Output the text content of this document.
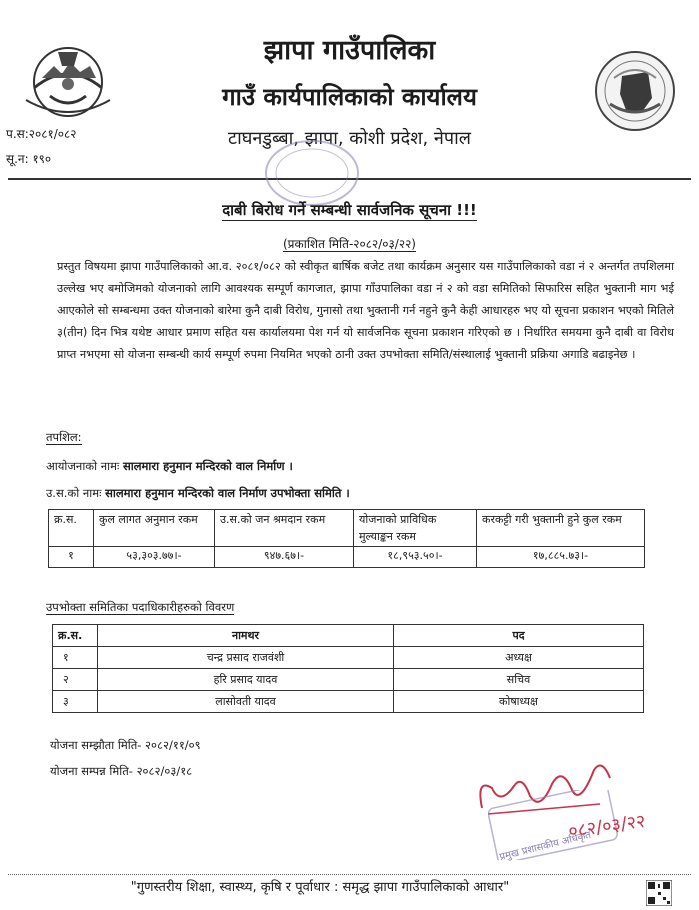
झापा गाउँपालिका
गाउँ कार्यपालिकाको कार्यालय
टाघनडुब्बा, झापा, कोशी प्रदेश, नेपाल
प.स:२०८१/०८२
सू.न: १९०
दाबी बिरोध गर्ने सम्बन्धी सार्वजनिक सूचना !!!
(प्रकाशित मिति-२०८२/०३/२२)
प्रस्तुत विषयमा झापा गाउँपालिकाको आ.व. २०८१/०८२ को स्वीकृत बार्षिक बजेट तथा कार्यक्रम अनुसार यस गाउँपालिकाको वडा नं २ अन्तर्गत तपशिलमा उल्लेख भए बमोजिमको योजनाको लागि आवश्यक सम्पूर्ण कागजात, झापा गाँउपालिका वडा नं २ को वडा समितिको सिफारिस सहित भुक्तानी माग भई आएकोले सो सम्बन्धमा उक्त योजनाको बारेमा कुनै दाबी विरोध, गुनासो तथा भुक्तानी गर्न नहुने कुनै केही आधारहरु भए यो सूचना प्रकाशन भएको मितिले ३(तीन) दिन भित्र यथेष्ट आधार प्रमाण सहित यस कार्यालयमा पेश गर्न यो सार्वजनिक सूचना प्रकाशन गरिएको छ । निर्धारित समयमा कुनै दाबी वा विरोध प्राप्त नभएमा सो योजना सम्बन्धी कार्य सम्पूर्ण रुपमा नियमित भएको ठानी उक्त उपभोक्ता समिति/संस्थालाई भुक्तानी प्रक्रिया अगाडि बढाइनेछ ।
तपशिल:
आयोजनाको नामः सालमारा हनुमान मन्दिरको वाल निर्माण ।
उ.स.को नामः सालमारा हनुमान मन्दिरको वाल निर्माण उपभोक्ता समिति ।
क्र.स.	कुल लागत अनुमान रकम	उ.स.को जन श्रमदान रकम	योजनाको प्राविधिक मुल्याङ्कन रकम	करकट्टी गरी भुक्तानी हुने कुल रकम
१	५३,३०३.७७।-	९४७.६७।-	१८,९५३.५०।-	१७,८८५.७३।-
उपभोक्ता समितिका पदाधिकारीहरुको विवरण
क्र.स.	नामथर	पद
१	चन्द्र प्रसाद राजवंशी	अध्यक्ष
२	हरि प्रसाद यादव	सचिव
३	लासोवती यादव	कोषाध्यक्ष
योजना सम्झौता मिति- २०८२/११/०९
योजना सम्पन्न मिति- २०८२/०३/१८
प्रमुख प्रशासकीय अधिकृत
०८२/०३/२२
"गुणस्तरीय शिक्षा, स्वास्थ्य, कृषि र पूर्वाधार : समृद्ध झापा गाउँपालिकाको आधार"
